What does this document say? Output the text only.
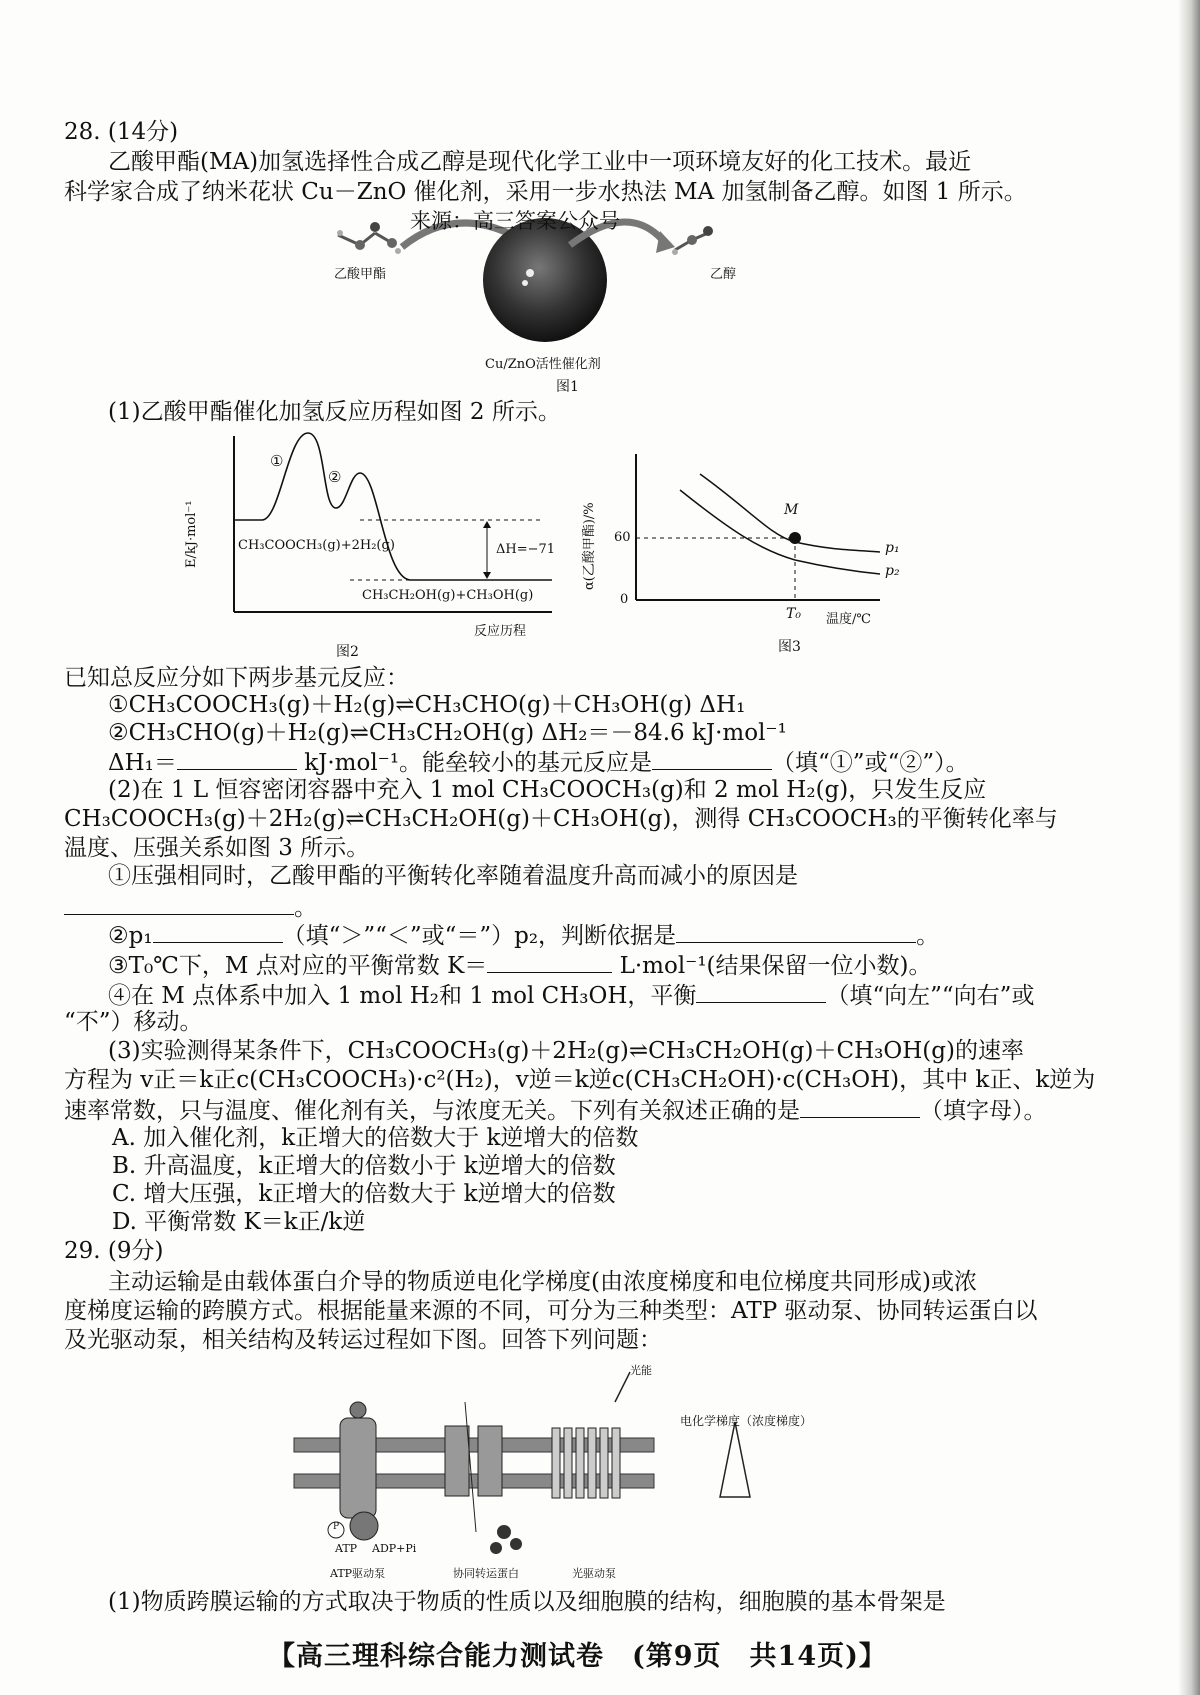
28. (14分)
乙酸甲酯(MA)加氢选择性合成乙醇是现代化学工业中一项环境友好的化工技术。最近
科学家合成了纳米花状 Cu－ZnO 催化剂，采用一步水热法 MA 加氢制备乙醇。如图 1 所示。
来源：高三答案公众号
乙酸甲酯	乙醇
Cu/ZnO活性催化剂
图1
(1)乙酸甲酯催化加氢反应历程如图 2 所示。
E/kJ·mol⁻¹
①
②
CH₃COOCH₃(g)+2H₂(g)	ΔH=−71
CH₃CH₂OH(g)+CH₃OH(g)
反应历程
图2
α(乙酸甲酯)/% 60
0
M
p₁
p₂
T₀ 温度/℃
图3
已知总反应分如下两步基元反应：
①CH₃COOCH₃(g)＋H₂(g)⇌CH₃CHO(g)＋CH₃OH(g) ΔH₁
②CH₃CHO(g)＋H₂(g)⇌CH₃CH₂OH(g) ΔH₂＝－84.6 kJ·mol⁻¹
ΔH₁＝	kJ·mol⁻¹。能垒较小的基元反应是	（填“①”或“②”）。
(2)在 1 L 恒容密闭容器中充入 1 mol CH₃COOCH₃(g)和 2 mol H₂(g)，只发生反应
CH₃COOCH₃(g)＋2H₂(g)⇌CH₃CH₂OH(g)＋CH₃OH(g)，测得 CH₃COOCH₃的平衡转化率与
温度、压强关系如图 3 所示。
①压强相同时，乙酸甲酯的平衡转化率随着温度升高而减小的原因是
。
②p₁	（填“＞”“＜”或“＝”）p₂，判断依据是	。
③T₀℃下，M 点对应的平衡常数 K＝	L·mol⁻¹(结果保留一位小数)。
④在 M 点体系中加入 1 mol H₂和 1 mol CH₃OH，平衡	（填“向左”“向右”或
“不”）移动。
(3)实验测得某条件下，CH₃COOCH₃(g)＋2H₂(g)⇌CH₃CH₂OH(g)＋CH₃OH(g)的速率
方程为 v正＝k正c(CH₃COOCH₃)·c²(H₂)，v逆＝k逆c(CH₃CH₂OH)·c(CH₃OH)，其中 k正、k逆为
速率常数，只与温度、催化剂有关，与浓度无关。下列有关叙述正确的是	（填字母）。
A. 加入催化剂，k正增大的倍数大于 k逆增大的倍数
B. 升高温度，k正增大的倍数小于 k逆增大的倍数
C. 增大压强，k正增大的倍数大于 k逆增大的倍数
D. 平衡常数 K＝k正/k逆
29. (9分)
主动运输是由载体蛋白介导的物质逆电化学梯度(由浓度梯度和电位梯度共同形成)或浓
度梯度运输的跨膜方式。根据能量来源的不同，可分为三种类型：ATP 驱动泵、协同转运蛋白以
及光驱动泵，相关结构及转运过程如下图。回答下列问题：
光能
电化学梯度（浓度梯度）
ATP ADP+Pi
P
ATP驱动泵	协同转运蛋白	光驱动泵
(1)物质跨膜运输的方式取决于物质的性质以及细胞膜的结构，细胞膜的基本骨架是
【高三理科综合能力测试卷　(第9页　共14页)】
